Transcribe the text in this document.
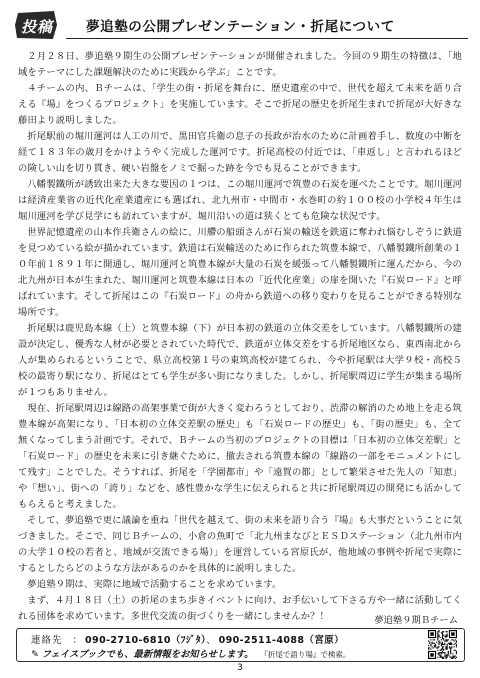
投稿 夢追塾の公開プレゼンテーション・折尾について

２月２８日、夢追塾９期生の公開プレゼンテーションが開催されました。今回の９期生の特徴は、「地域をテーマにした課題解決のために実践から学ぶ」ことです。

４チームの内、Ｂチームは、「学生の街・折尾を舞台に、歴史遺産の中で、世代を超えて未来を語り合える『場』をつくるプロジェクト」を実施しています。そこで折尾の歴史を折尾生まれで折尾が大好きな藤田より説明しました。

折尾駅前の堀川運河は人工の川で、黒田官兵衛の息子の長政が治水のために計画着手し、数度の中断を経て１８３年の歳月をかけようやく完成した運河です。折尾高校の付近では、「車返し」と言われるほどの険しい山を切り貫き、硬い岩盤をノミで掘った跡を今でも見ることができます。

八幡製鐵所が誘致出来た大きな要因の１つは、この堀川運河で筑豊の石炭を運べたことです。堀川運河は経済産業省の近代化産業遺産にも選ばれ、北九州市・中間市・水巻町の約１００校の小学校４年生は堀川運河を学び見学にも訪れていますが、堀川沿いの道は狭くとても危険な状況です。

世界記憶遺産の山本作兵衛さんの絵に、川艜の船頭さんが石炭の輸送を鉄道に奪われ悩むしぞうに鉄道を見つめている絵が描かれています。鉄道は石炭輸送のために作られた筑豊本線で、八幡製鐵所創業の１０年前１８９１年に開通し、堀川運河と筑豊本線が大量の石炭を緩張って八幡製鐵所に運んだから、今の北九州が日本が生まれた、堀川運河と筑豊本線は日本の「近代化産業」の扉を開いた『石炭ロード』と呼ばれています。そして折尾はこの『石炭ロード』の舟から鉄道への移り変わりを見ることができる特別な場所です。

折尾駅は鹿児島本線（上）と筑豊本線（下）が日本初の鉄道の立体交差をしています。八幡製鐵所の建設が決定し、優秀な人材が必要とされていた時代で、鉄道が立体交差をする折尾地区なら、東西南北から人が集められるということで、県立高校第１号の東筑高校が建てられ、今や折尾駅は大学９校・高校５校の最寄り駅になり、折尾はとても学生が多い街になりました。しかし、折尾駅周辺に学生が集まる場所が１つもありません。

現在、折尾駅周辺は線路の高架事業で街が大きく変わろうとしており、渋滞の解消のため地上を走る筑豊本線が高架になり、「日本初の立体交差駅の歴史」も「石炭ロードの歴史」も、「街の歴史」も、全て無くなってしまう計画です。それで、Ｂチームの当初のプロジェクトの目標は「日本初の立体交差駅」と「石炭ロード」の歴史を未来に引き継ぐために、撤去される筑豊本線の「線路の一部をモニュメントにして残す」ことでした。そうすれば、折尾を「学園都市」や「遠賀の都」として繁栄させた先人の「知恵」や「想い」、街への「誇り」などを、感性豊かな学生に伝えられると共に折尾駅周辺の開発にも活かしてもらえると考えました。

そして、夢追塾で更に議論を重ね「世代を越えて、街の未来を語り合う『場』も大事だということに気づきました。そこで、同じＢチームの、小倉の魚町で「北九州まなびとＥＳＤステーション（北九州市内の大学１０校の若者と、地域が交流できる場）」を運営している宮原氏が、他地域の事例や折尾で実際にするとしたらどのような方法があるのかを具体的に説明しました。

夢追塾９期は、実際に地域で活動することを求めています。

まず、４月１８日（土）の折尾のまち歩きイベントに向け、お手伝いして下さる方や一緒に活動してくれる団体を求めています。多世代交流の街づくりを一緒にしませんか？！	夢追塾９期Ｂチーム
連絡先 ： 090-2710-6810（ﾌｼﾞﾀ）、 090-2511-4088（宮原）
✎ フェイスブックでも、最新情報をお知らせします。 『折尾で語り場』で検索。
3
